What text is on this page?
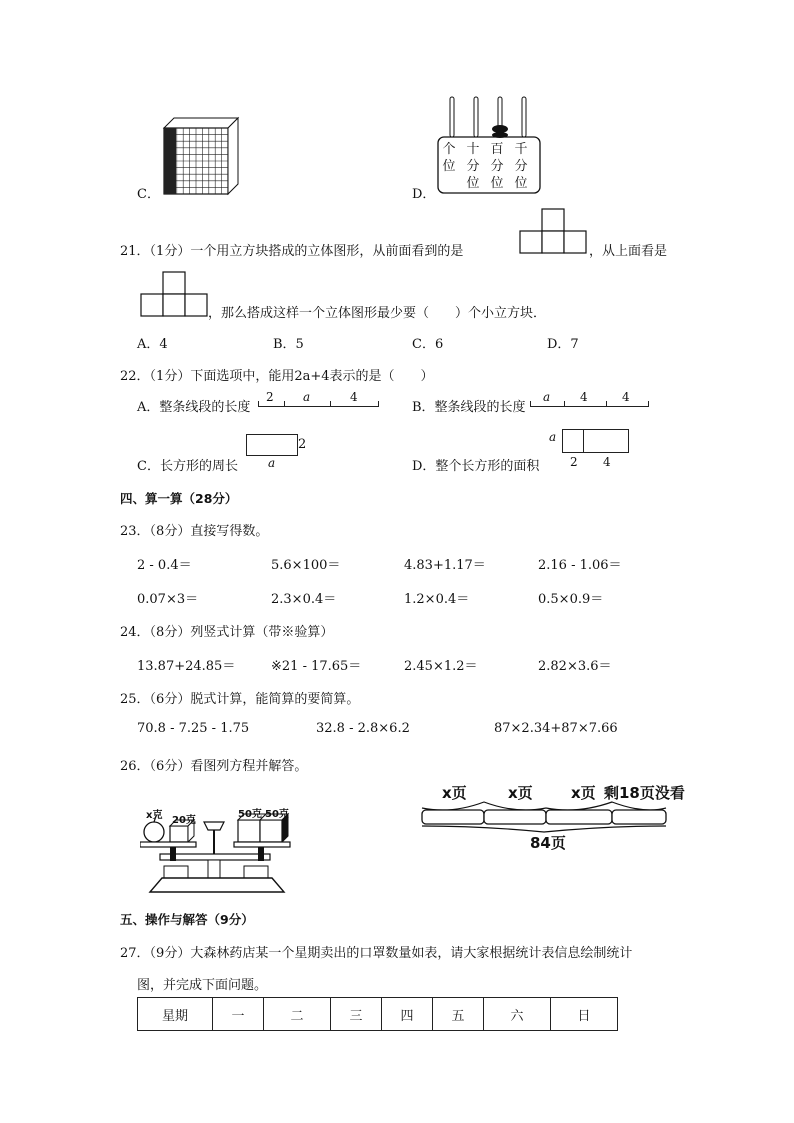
C．	D．
个
位
十
分
位
百
分
位
千
分
位
21．（1分）一个用立方块搭成的立体图形，从前面看到的是	，从上面看是
，那么搭成这样一个立体图形最少要（　　）个小立方块．
A．4	B．5	C．6	D．7
22．（1分）下面选项中，能用2a+4表示的是（　　）
A．整条线段的长度
2 a	4
B．整条线段的长度
a 4	4
C．长方形的周长
2
a	D．整个长方形的面积
a
2 4
四、算一算（28分）
23．（8分）直接写得数。
2 - 0.4＝	5.6×100＝	4.83+1.17＝	2.16 - 1.06＝
0.07×3＝	2.3×0.4＝	1.2×0.4＝	0.5×0.9＝
24．（8分）列竖式计算（带※验算）
13.87+24.85＝	※21 - 17.65＝	2.45×1.2＝	2.82×3.6＝
25．（6分）脱式计算，能简算的要简算。
70.8 - 7.25 - 1.75	32.8 - 2.8×6.2	87×2.34+87×7.66
26．（6分）看图列方程并解答。
x克 20克
50克 50克
x页	x页	x页 剩18页没看
84页
五、操作与解答（9分）
27．（9分）大森林药店某一个星期卖出的口罩数量如表，请大家根据统计表信息绘制统计
图，并完成下面问题。
星期	一	二	三	四	五	六	日
